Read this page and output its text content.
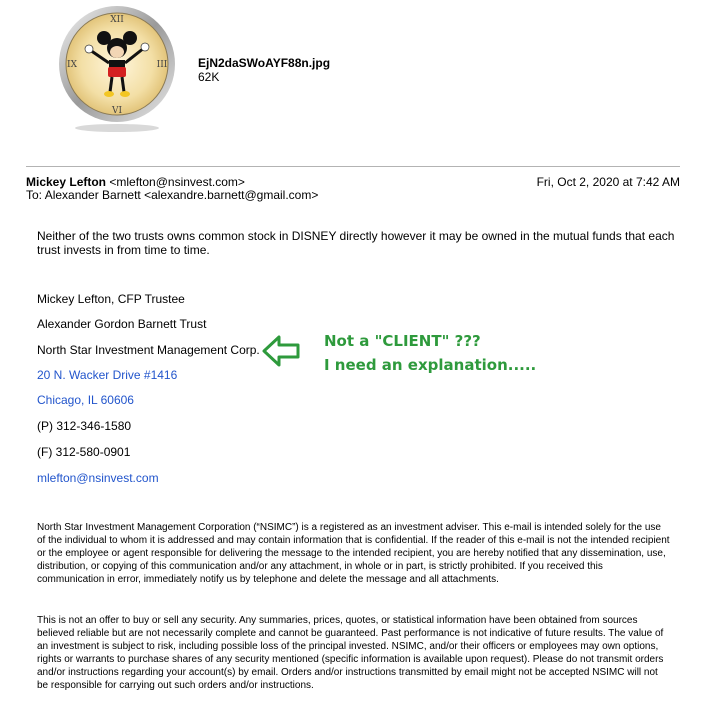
XII
VI
IX	III	EjN2daSWoAYF88n.jpg
62K
Mickey Lefton <mlefton@nsinvest.com>
To: Alexander Barnett <alexandre.barnett@gmail.com>
Fri, Oct 2, 2020 at 7:42 AM
Neither of the two trusts owns common stock in DISNEY directly however it may be owned in the mutual funds that each trust invests in from time to time.
Mickey Lefton, CFP Trustee
Alexander Gordon Barnett Trust
North Star Investment Management Corp.
20 N. Wacker Drive #1416
Chicago, IL 60606
(P) 312-346-1580
(F) 312-580-0901
mlefton@nsinvest.com
Not a "CLIENT" ???
I need an explanation.....
North Star Investment Management Corporation (“NSIMC”) is a registered as an investment adviser. This e-mail is intended solely for the use of the individual to whom it is addressed and may contain information that is confidential. If the reader of this e-mail is not the intended recipient or the employee or agent responsible for delivering the message to the intended recipient, you are hereby notified that any dissemination, use, distribution, or copying of this communication and/or any attachment, in whole or in part, is strictly prohibited. If you received this communication in error, immediately notify us by telephone and delete the message and all attachments.
This is not an offer to buy or sell any security. Any summaries, prices, quotes, or statistical information have been obtained from sources believed reliable but are not necessarily complete and cannot be guaranteed. Past performance is not indicative of future results. The value of an investment is subject to risk, including possible loss of the principal invested. NSIMC, and/or their officers or employees may own options, rights or warrants to purchase shares of any security mentioned (specific information is available upon request). Please do not transmit orders and/or instructions regarding your account(s) by email. Orders and/or instructions transmitted by email might not be accepted NSIMC will not be responsible for carrying out such orders and/or instructions.
